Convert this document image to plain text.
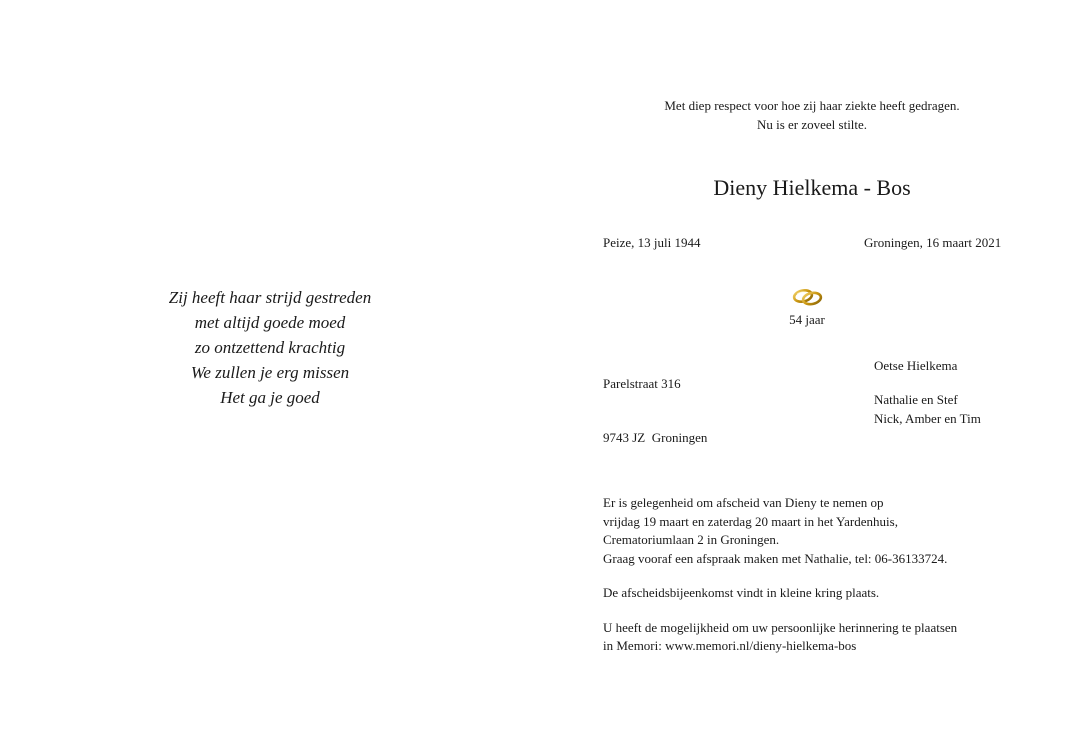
Zij heeft haar strijd gestreden
met altijd goede moed
zo ontzettend krachtig
We zullen je erg missen
Het ga je goed
Met diep respect voor hoe zij haar ziekte heeft gedragen.
Nu is er zoveel stilte.
Dieny Hielkema - Bos
Peize, 13 juli 1944	Groningen, 16 maart 2021
54 jaar

Parelstraat 316

9743 JZ  Groningen

Oetse Hielkema
Nathalie en Stef
Nick, Amber en Tim
Er is gelegenheid om afscheid van Dieny te nemen op
vrijdag 19 maart en zaterdag 20 maart in het Yardenhuis,
Crematoriumlaan 2 in Groningen.
Graag vooraf een afspraak maken met Nathalie, tel: 06-36133724.
De afscheidsbijeenkomst vindt in kleine kring plaats.
U heeft de mogelijkheid om uw persoonlijke herinnering te plaatsen
in Memori: www.memori.nl/dieny-hielkema-bos
